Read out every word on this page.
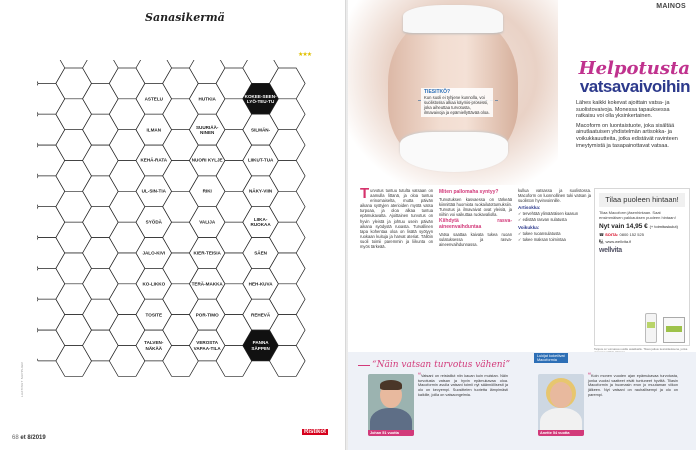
Sanasikermä
★★★
ASTELU
ILMAN
KEHÄ-RATA
UL-SIN-TIA
SYÖDÄ
JALO-KIVI
KO-LIKKO
TOSITE
TALVEN-NÄKÄÄ
HUTKIA
SUURIÄÄ-NINEN
NUORI KYLJE
RIKI
VALIJA
KIER-TEISIA
TERÄ-MAKKA
POR-TIMO
VEROSTA VAPAA-TILA
KOKEE-SEEN-LYÖ-TEU-TU
SILMÄN-
LIIKUT-TUA
NÄKY-VIIN
LIIKA-RUOKAA
SÄEN
HEH-KUVA
REHEVÄ
PANNA SÄPPIIN
LAATINUT SUPPLIER
68 et 8/2019
Ristikot
TIESITKÖ?
Kun suoli ei tyhjene kunnolla, voi suolistossa alkaa käymis-prosessi, joka aiheuttaa turvotusta, ilmavaivoja ja epämiellyttävää oloa.
MAINOS
Helpotusta
vatsavaivoihin

Lähes kaikki kokevat ajoittain vatsa- ja suolistovaivoja. Monessa tapauksessa ratkaisu voi olla yksinkertainen.

Macoform on luontaistuote, joka sisältää ainutlaatuisen yhdistelmän artisokka- ja voikukkauutteita, jotka edistävät ravinteen imeytymistä ja tasapainottavat vatsaa.

Turvotus tuntuu tutulta vatsaan on aamulla littanä, ja oloa tuntuu erinomaiselta, mutta päivän aikana syötyjen aterioiden myötä vatsa turpoaa, ja oloa alkaa tuntua epämukavalta. Ajoittainen turvotus on hyvin yleistä ja johtuu usein päivän aikana syödystä ruoasta. Turvallinen tapa kohentaa oloa on lisätä syötyyn ruokaan kuituja ja harvat ateriat. Tällöin suoli toimii paremmin ja liikunta on myös tärkeää.
Miten pallomaha syntyy?

Turvotuksen kasvaessa on tärkeää kiinnittää huomiota ruokailutottumuksiin. Turvotus ja ilmavaivat ovat yleisiä, ja niihin voi vaikuttaa ruokavaliolla.

Kiihdytä rasva-aineenvaihduntaa

Vatsa saattaa kaivata tukea ruoan sulatuksessa ja rasva-aineenvaihdunnassa.

kullua vatsassa ja suolistossa. Macoform on luonnollinen tuki vatsan ja suoliston hyvinvoinnille.

Artisokka:
✓ tervehtää ylimääräisen kaasun
✓ edistää rasvan sulatusta
Voikukka:
✓ tukee ruoansulatusta
✓ tukee maksan toimintaa
Tilaa puoleen hintaan!
Tilaa Macoform jäsenhintaan. Saat ensimmäisen pakkauksen puoleen hintaan!
Nyt vain 14,95 € (+ toimituskulut)
☎ SOITA: 0800 152 525
🖳 www.wellvita.fi
wellvita
Tarjous on voimassa uusille asiakkaille. Tilaus jatkuu kestotilauksena, jonka
“Näin vatsan turvotus väheni”
Lukijat kokeilivat Macoformia
Johan 51 vuotta
“Vatsani on reistaillut niin kauan kuin muistan. Näin turvotusta vatsan ja hyvin epämukavaa oloa. Macoformin avulla vatsani toimii nyt säännöllisesti ja olo on kevyempi. Suosittelen tuotetta lämpimästi kaikille, joilla on vatsaongelmia.
Anette 54 vuotta
“Koin monen vuoden ajan epämukavaa turvotusta, jonka vuoksi vaatteet eivät tuntuneet hyviltä. Tilasin Macoformin ja huomasin eron jo muutaman viikon jälkeen. Nyt vatsani on rauhallisempi ja olo on parempi.
